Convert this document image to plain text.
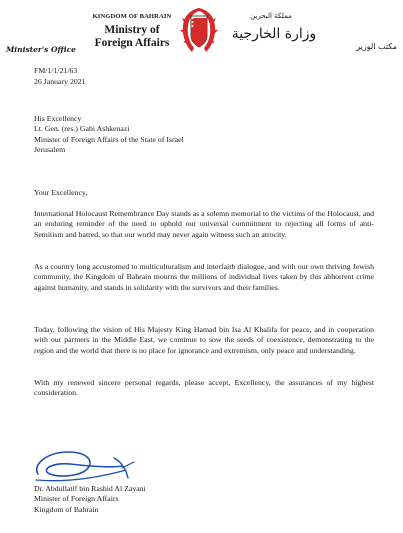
KINGDOM OF BAHRAIN
Ministry of
Foreign Affairs
Minister's Office
مملكة البحرين
وزارة الخارجية
مكتب الوزير

FM/1/1/21/63

26 January 2021

His Excellency
Lt. Gen. (res.) Gabi Ashkenazi
Minister of Foreign Affairs of the State of Israel
Jerusalem

Your Excellency,

International Holocaust Remembrance Day stands as a solemn memorial to the victims of the Holocaust, and an enduring reminder of the need to uphold our universal commitment to rejecting all forms of anti-Semitism and hatred, so that our world may never again witness such an atrocity.

As a country long accustomed to multiculturalism and interfaith dialogue, and with our own thriving Jewish community, the Kingdom of Bahrain mourns the millions of individual lives taken by this abhorrent crime against humanity, and stands in solidarity with the survivors and their families.

Today, following the vision of His Majesty King Hamad bin Isa Al Khalifa for peace, and in cooperation with our partners in the Middle East, we continue to sow the seeds of coexistence, demonstrating to the region and the world that there is no place for ignorance and extremism, only peace and understanding.

With my renewed sincere personal regards, please accept, Excellency, the assurances of my highest consideration.

Dr. Abdullatif bin Rashid Al Zayani
Minister of Foreign Affairs
Kingdom of Bahrain
